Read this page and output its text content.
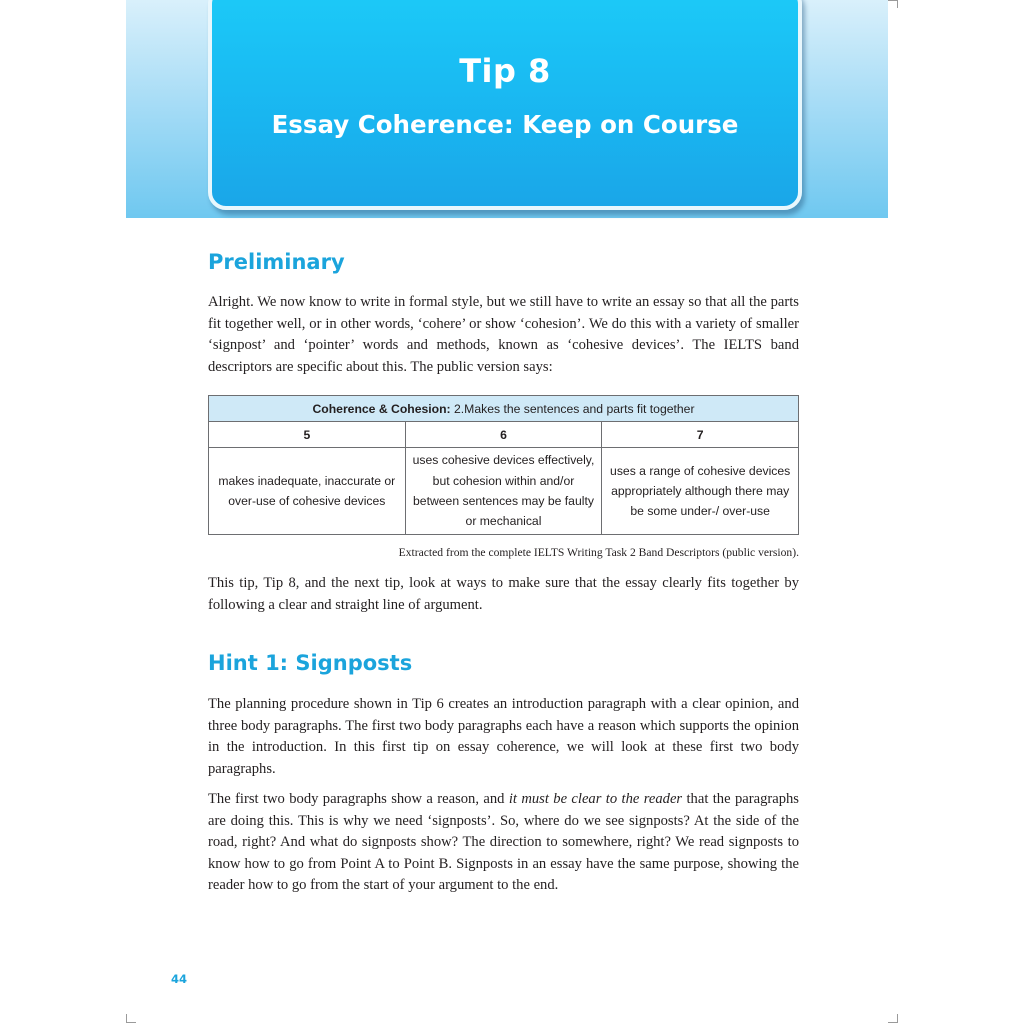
Tip 8
Essay Coherence: Keep on Course
Preliminary

Alright. We now know to write in formal style, but we still have to write an essay so that all the parts fit together well, or in other words, ‘cohere’ or show ‘cohesion’. We do this with a variety of smaller ‘signpost’ and ‘pointer’ words and methods, known as ‘cohesive devices’. The IELTS band descriptors are specific about this. The public version says:

Coherence & Cohesion: 2.Makes the sentences and parts fit together		
5	6	7
makes inadequate, inaccurate or over-use of cohesive devices	uses cohesive devices effectively, but cohesion within and/or between sentences may be faulty or mechanical	uses a range of cohesive devices appropriately although there may be some under-/ over-use

Extracted from the complete IELTS Writing Task 2 Band Descriptors (public version).

This tip, Tip 8, and the next tip, look at ways to make sure that the essay clearly fits together by following a clear and straight line of argument.

Hint 1: Signposts

The planning procedure shown in Tip 6 creates an introduction paragraph with a clear opinion, and three body paragraphs. The first two body paragraphs each have a reason which supports the opinion in the introduction. In this first tip on essay coherence, we will look at these first two body paragraphs.

The first two body paragraphs show a reason, and it must be clear to the reader that the paragraphs are doing this. This is why we need ‘signposts’. So, where do we see signposts? At the side of the road, right? And what do signposts show? The direction to somewhere, right? We read signposts to know how to go from Point A to Point B. Signposts in an essay have the same purpose, showing the reader how to go from the start of your argument to the end.

44
